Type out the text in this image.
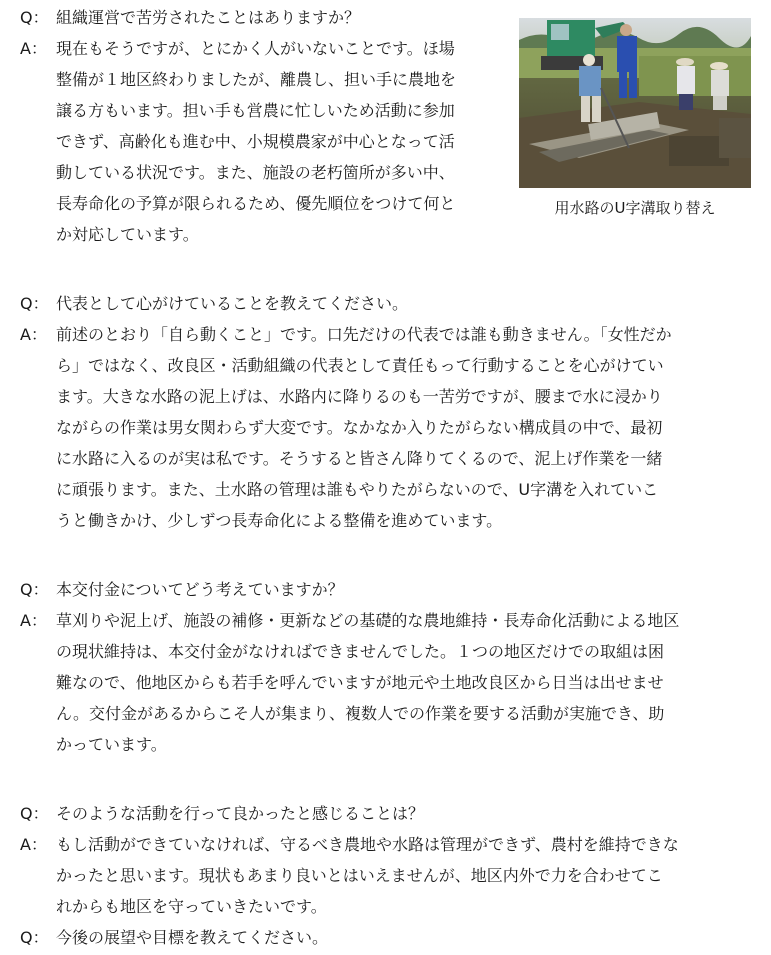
Q： 組織運営で苦労されたことはありますか？
A： 現在もそうですが、とにかく人がいないことです。ほ場
整備が１地区終わりましたが、離農し、担い手に農地を
譲る方もいます。担い手も営農に忙しいため活動に参加
できず、高齢化も進む中、小規模農家が中心となって活
動している状況です。また、施設の老朽箇所が多い中、
長寿命化の予算が限られるため、優先順位をつけて何と
か対応しています。
用水路のU字溝取り替え
Q： 代表として心がけていることを教えてください。
A： 前述のとおり「自ら動くこと」です。口先だけの代表では誰も動きません。「女性だか
ら」ではなく、改良区・活動組織の代表として責任もって行動することを心がけてい
ます。大きな水路の泥上げは、水路内に降りるのも一苦労ですが、腰まで水に浸かり
ながらの作業は男女関わらず大変です。なかなか入りたがらない構成員の中で、最初
に水路に入るのが実は私です。そうすると皆さん降りてくるので、泥上げ作業を一緒
に頑張ります。また、土水路の管理は誰もやりたがらないので、U字溝を入れていこ
うと働きかけ、少しずつ長寿命化による整備を進めています。
Q： 本交付金についてどう考えていますか？
A： 草刈りや泥上げ、施設の補修・更新などの基礎的な農地維持・長寿命化活動による地区
の現状維持は、本交付金がなければできませんでした。１つの地区だけでの取組は困
難なので、他地区からも若手を呼んでいますが地元や土地改良区から日当は出せませ
ん。交付金があるからこそ人が集まり、複数人での作業を要する活動が実施でき、助
かっています。
Q： そのような活動を行って良かったと感じることは？
A： もし活動ができていなければ、守るべき農地や水路は管理ができず、農村を維持できな
かったと思います。現状もあまり良いとはいえませんが、地区内外で力を合わせてこ
れからも地区を守っていきたいです。
Q： 今後の展望や目標を教えてください。
